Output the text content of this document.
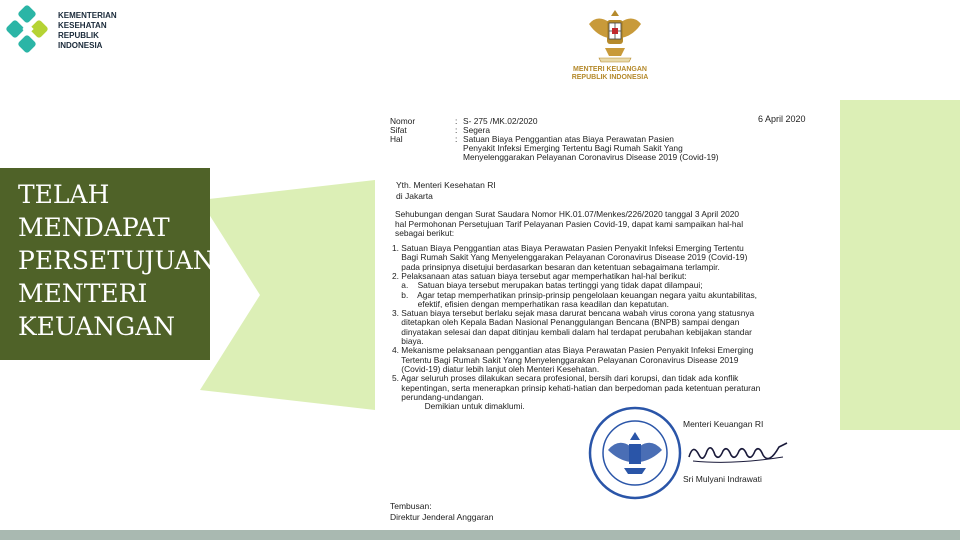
KEMENTERIAN
KESEHATAN
REPUBLIK
INDONESIA
TELAH
MENDAPAT
PERSETUJUAN
MENTERI
KEUANGAN
MENTERI KEUANGAN
REPUBLIK INDONESIA
6 April 2020
Nomor	: S- 275 /MK.02/2020
Sifat	: Segera
Hal	: Satuan Biaya Penggantian atas Biaya Perawatan Pasien
Penyakit Infeksi Emerging Tertentu Bagi Rumah Sakit Yang
Menyelenggarakan Pelayanan Coronavirus Disease 2019 (Covid-19)
Sehubungan dengan Surat Saudara Nomor HK.01.07/Menkes/226/2020 tanggal 3 April 2020
hal Permohonan Persetujuan Tarif Pelayanan Pasien Covid-19, dapat kami sampaikan hal-hal
sebagai berikut:
1. Satuan Biaya Penggantian atas Biaya Perawatan Pasien Penyakit Infeksi Emerging Tertentu
Bagi Rumah Sakit Yang Menyelenggarakan Pelayanan Coronavirus Disease 2019 (Covid-19)
pada prinsipnya disetujui berdasarkan besaran dan ketentuan sebagaimana terlampir.
2. Pelaksanaan atas satuan biaya tersebut agar memperhatikan hal-hal berikut:
a.    Satuan biaya tersebut merupakan batas tertinggi yang tidak dapat dilampaui;
b.    Agar tetap memperhatikan prinsip-prinsip pengelolaan keuangan negara yaitu akuntabilitas,
efektif, efisien dengan memperhatikan rasa keadilan dan kepatutan.
3. Satuan biaya tersebut berlaku sejak masa darurat bencana wabah virus corona yang statusnya
ditetapkan oleh Kepala Badan Nasional Penanggulangan Bencana (BNPB) sampai dengan
dinyatakan selesai dan dapat ditinjau kembali dalam hal terdapat perubahan kebijakan standar
biaya.
4. Mekanisme pelaksanaan penggantian atas Biaya Perawatan Pasien Penyakit Infeksi Emerging
Tertentu Bagi Rumah Sakit Yang Menyelenggarakan Pelayanan Coronavirus Disease 2019
(Covid-19) diatur lebih lanjut oleh Menteri Kesehatan.
5. Agar seluruh proses dilakukan secara profesional, bersih dari korupsi, dan tidak ada konflik
kepentingan, serta menerapkan prinsip kehati-hatian dan berpedoman pada ketentuan peraturan
perundang-undangan.
Demikian untuk dimaklumi.
Yth. Menteri Kesehatan RI
di Jakarta
Menteri Keuangan RI
Sri Mulyani Indrawati
Tembusan:
Direktur Jenderal Anggaran
